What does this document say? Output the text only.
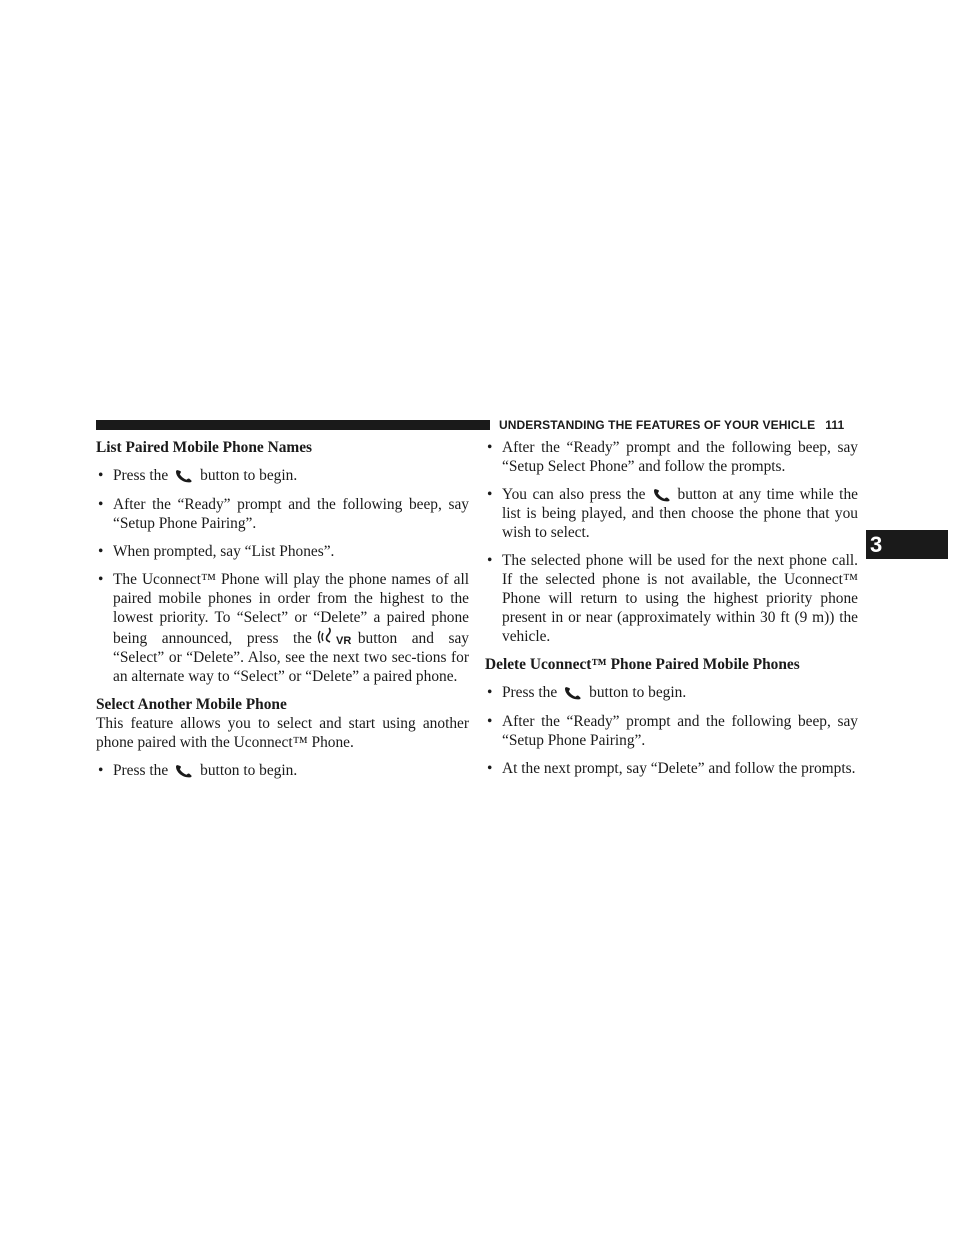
UNDERSTANDING THE FEATURES OF YOUR VEHICLE 111
3
List Paired Mobile Phone Names
• Press the button to begin.
• After the “Ready” prompt and the following beep, say “Setup Phone Pairing”.
• When prompted, say “List Phones”.
• The Uconnect™ Phone will play the phone names of all paired mobile phones in order from the highest to the lowest priority. To “Select” or “Delete” a paired phone being announced, press the VR button and say “Select” or “Delete”. Also, see the next two sec-tions for an alternate way to “Select” or “Delete” a paired phone.
Select Another Mobile Phone

This feature allows you to select and start using another phone paired with the Uconnect™ Phone.

• Press the button to begin.
• After the “Ready” prompt and the following beep, say “Setup Select Phone” and follow the prompts.
• You can also press the button at any time while the list is being played, and then choose the phone that you wish to select.
• The selected phone will be used for the next phone call. If the selected phone is not available, the Uconnect™ Phone will return to using the highest priority phone present in or near (approximately within 30 ft (9 m)) the vehicle.
Delete Uconnect™ Phone Paired Mobile Phones
• Press the button to begin.
• After the “Ready” prompt and the following beep, say “Setup Phone Pairing”.
• At the next prompt, say “Delete” and follow the prompts.
